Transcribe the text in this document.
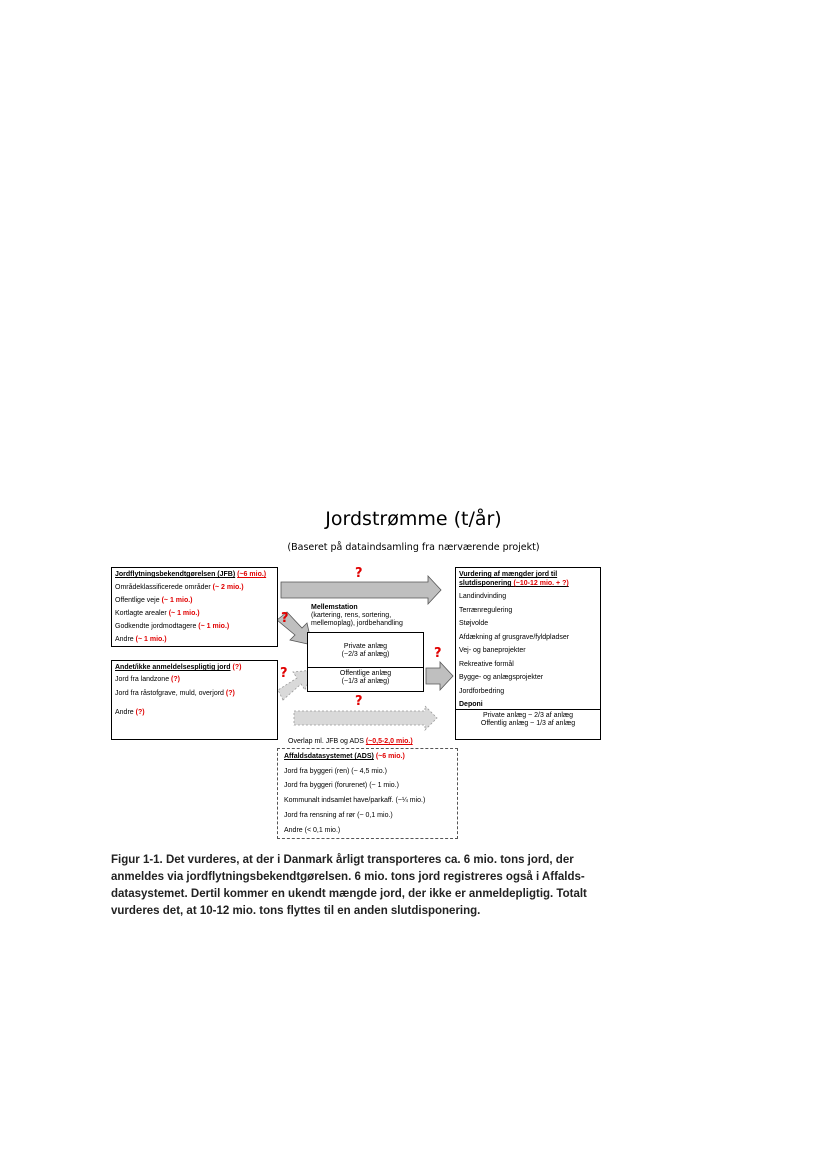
Jordstrømme (t/år)
(Baseret på dataindsamling fra nærværende projekt)
?
?
?
?
?
Jordflytningsbekendtgørelsen (JFB) (~6 mio.)
Områdeklassificerede områder (~ 2 mio.)
Offentlige veje (~ 1 mio.)
Kortlagte arealer (~ 1 mio.)
Godkendte jordmodtagere (~ 1 mio.)
Andre (~ 1 mio.)
Andet/ikke anmeldelsespligtig jord (?)
Jord fra landzone (?)
Jord fra råstofgrave, muld, overjord (?)
Andre (?)
Mellemstation
(kartering, rens, sortering, mellemoplag), jordbehandling
Private anlæg
(~2/3 af anlæg)
Offentlige anlæg
(~1/3 af anlæg)
Vurdering af mængder jord til slutdisponering (~10-12 mio. + ?)
Landindvinding
Terrænregulering
Støjvolde
Afdækning af grusgrave/fyldpladser
Vej- og baneprojekter
Rekreative formål
Bygge- og anlægsprojekter
Jordforbedring
Deponi
Private anlæg ~ 2/3 af anlæg
Offentlig anlæg ~ 1/3 af anlæg
Overlap ml. JFB og ADS (~0,5-2,0 mio.)
Affaldsdatasystemet (ADS) (~6 mio.)
Jord fra byggeri (ren) (~ 4,5 mio.)
Jord fra byggeri (forurenet) (~ 1 mio.)
Kommunalt indsamlet have/parkaff. (~¼ mio.)
Jord fra rensning af rør (~ 0,1 mio.)
Andre (< 0,1 mio.)
Figur 1-1. Det vurderes, at der i Danmark årligt transporteres ca. 6 mio. tons jord, der
anmeldes via jordflytningsbekendtgørelsen. 6 mio. tons jord registreres også i Affalds-
datasystemet. Dertil kommer en ukendt mængde jord, der ikke er anmeldepligtig. Totalt
vurderes det, at 10-12 mio. tons flyttes til en anden slutdisponering.
